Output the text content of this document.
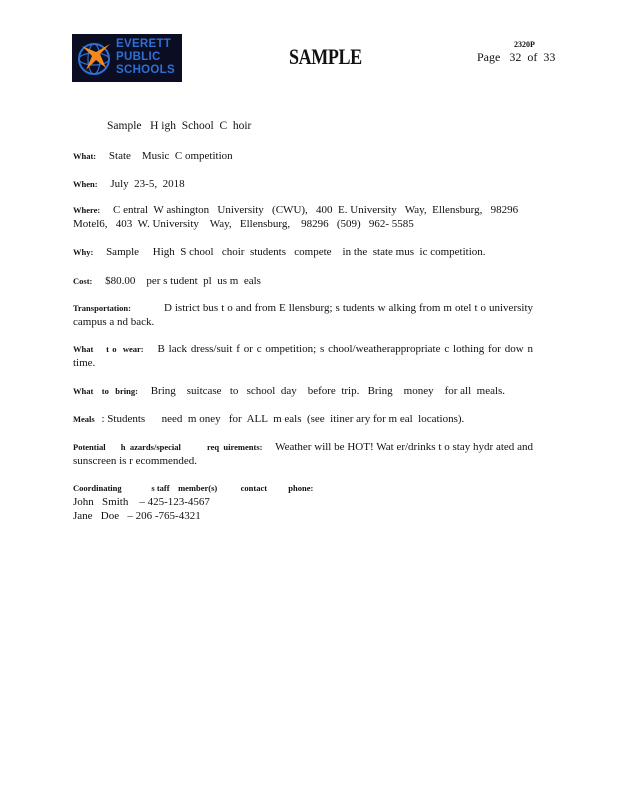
EVERETT
PUBLIC
SCHOOLS
SAMPLE	2320P
Page   32  of  33
Sample   H igh  School  C  hoir
What: State    Music  C ompetition
When: July  23-5,  2018
Where: C entral  W ashington   University   (CWU),   400  E. University   Way,  Ellensburg,   98296
Motel6,   403  W. University    Way,   Ellensburg,    98296   (509)   962- 5585
Why: Sample     High  S chool   choir  students   compete    in the  state mus  ic competition.
Cost: $80.00    per s tudent  pl  us m  eals
Transportation:	D istrict bus t o and from E llensburg; s tudents w alking from m otel t o university campus a nd back.
What    t o  wear: B lack dress/suit f or c ompetition; s chool/weatherappropriate c lothing for dow n time.
What    to   bring: Bring    suitcase   to   school  day    before  trip.   Bring    money    for all  meals.
Meals : Students      need  m oney   for  ALL  m eals  (see  itiner ary for m eal  locations).
Potential       h  azards/special            req  uirements: Weather will be HOT! Wat er/drinks t o stay hydr ated and sunscreen is r ecommended.
Coordinating              s taff    member(s)           contact          phone:
John   Smith    – 425-123-4567
Jane   Doe   – 206 -765-4321
